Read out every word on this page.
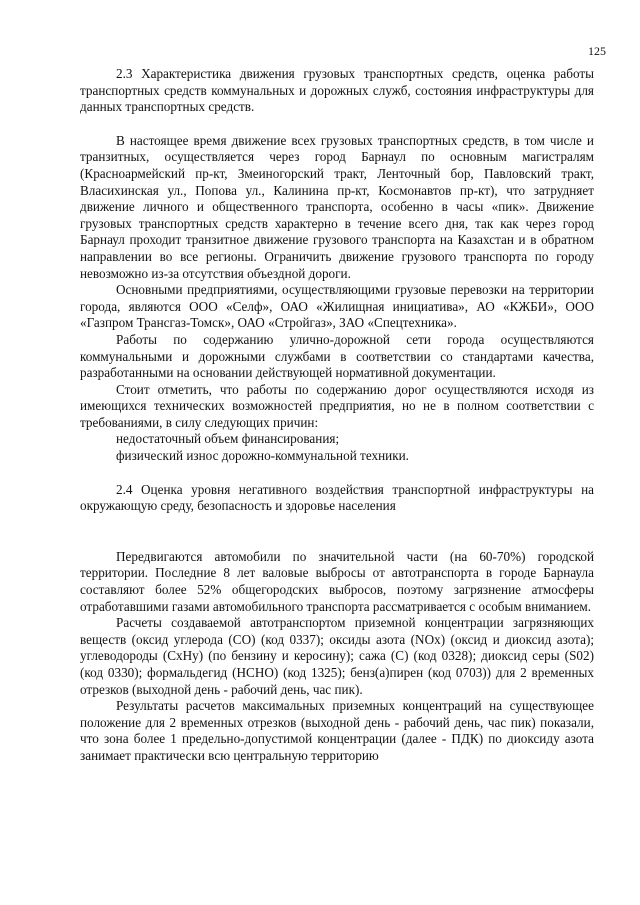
125

2.3 Характеристика движения грузовых транспортных средств, оценка работы транспортных средств коммунальных и дорожных служб, состояния инфраструктуры для данных транспортных средств.

В настоящее время движение всех грузовых транспортных средств, в том числе и транзитных, осуществляется через город Барнаул по основным магистралям (Красноармейский пр-кт, Змеиногорский тракт, Ленточный бор, Павловский тракт, Власихинская ул., Попова ул., Калинина пр-кт, Космонавтов пр-кт), что затрудняет движение личного и общественного транспорта, особенно в часы «пик». Движение грузовых транспортных средств характерно в течение всего дня, так как через город Барнаул проходит транзитное движение грузового транспорта на Казахстан и в обратном направлении во все регионы. Ограничить движение грузового транспорта по городу невозможно из-за отсутствия объездной дороги.

Основными предприятиями, осуществляющими грузовые перевозки на территории города, являются ООО «Селф», ОАО «Жилищная инициатива», АО «КЖБИ», ООО «Газпром Трансгаз-Томск», ОАО «Стройгаз», ЗАО «Спецтехника».

Работы по содержанию улично-дорожной сети города осуществляются коммунальными и дорожными службами в соответствии со стандартами качества, разработанными на основании действующей нормативной документации.

Стоит отметить, что работы по содержанию дорог осуществляются исходя из имеющихся технических возможностей предприятия, но не в полном соответствии с требованиями, в силу следующих причин:

недостаточный объем финансирования;

физический износ дорожно-коммунальной техники.

2.4 Оценка уровня негативного воздействия транспортной инфраструктуры на окружающую среду, безопасность и здоровье населения

Передвигаются автомобили по значительной части (на 60-70%) городской территории. Последние 8 лет валовые выбросы от автотранспорта в городе Барнаула составляют более 52% общегородских выбросов, поэтому загрязнение атмосферы отработавшими газами автомобильного транспорта рассматривается с особым вниманием.

Расчеты создаваемой автотранспортом приземной концентрации загрязняющих веществ (оксид углерода (СО) (код 0337); оксиды азота (NOx) (оксид и диоксид азота); углеводороды (СхНу) (по бензину и керосину); сажа (С) (код 0328); диоксид серы (S02) (код 0330); формальдегид (НСНО) (код 1325); бенз(а)пирен (код 0703)) для 2 временных отрезков (выходной день - рабочий день, час пик).

Результаты расчетов максимальных приземных концентраций на существующее положение для 2 временных отрезков (выходной день - рабочий день, час пик) показали, что зона более 1 предельно-допустимой концентрации (далее - ПДК) по диоксиду азота занимает практически всю центральную территорию
